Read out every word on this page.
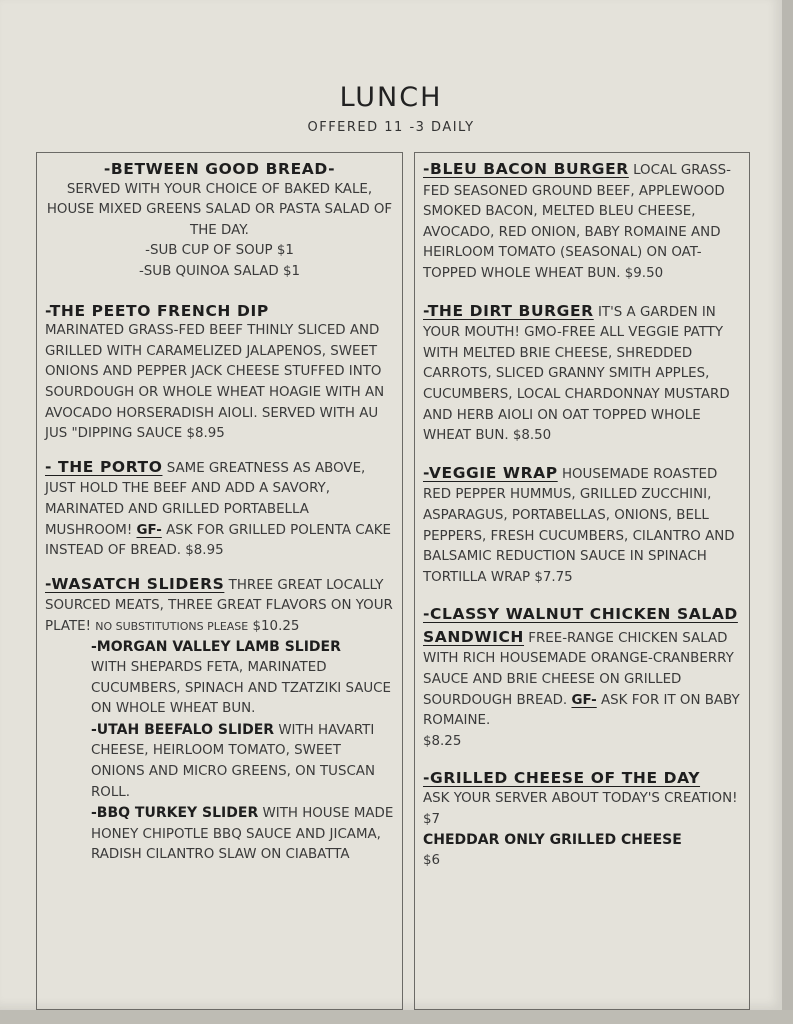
LUNCH
OFFERED 11 -3 DAILY
-BETWEEN GOOD BREAD-
SERVED WITH YOUR CHOICE OF BAKED KALE, HOUSE MIXED GREENS SALAD OR PASTA SALAD OF THE DAY.
-SUB CUP OF SOUP $1
-SUB QUINOA SALAD $1
-THE PEETO FRENCH DIP
MARINATED GRASS-FED BEEF THINLY SLICED AND GRILLED WITH CARAMELIZED JALAPENOS, SWEET ONIONS AND PEPPER JACK CHEESE STUFFED INTO SOURDOUGH OR WHOLE WHEAT HOAGIE WITH AN AVOCADO HORSERADISH AIOLI. SERVED WITH AU JUS "DIPPING SAUCE $8.95
- THE PORTO SAME GREATNESS AS ABOVE, JUST HOLD THE BEEF AND ADD A SAVORY, MARINATED AND GRILLED PORTABELLA MUSHROOM! GF- ASK FOR GRILLED POLENTA CAKE INSTEAD OF BREAD. $8.95
-WASATCH SLIDERS THREE GREAT LOCALLY SOURCED MEATS, THREE GREAT FLAVORS ON YOUR PLATE! NO SUBSTITUTIONS PLEASE $10.25
-MORGAN VALLEY LAMB SLIDER
WITH SHEPARDS FETA, MARINATED CUCUMBERS, SPINACH AND TZATZIKI SAUCE ON WHOLE WHEAT BUN.
-UTAH BEEFALO SLIDER WITH HAVARTI CHEESE, HEIRLOOM TOMATO, SWEET ONIONS AND MICRO GREENS, ON TUSCAN ROLL.
-BBQ TURKEY SLIDER WITH HOUSE MADE HONEY CHIPOTLE BBQ SAUCE AND JICAMA, RADISH CILANTRO SLAW ON CIABATTA
-BLEU BACON BURGER LOCAL GRASS-FED SEASONED GROUND BEEF, APPLEWOOD SMOKED BACON, MELTED BLEU CHEESE, AVOCADO, RED ONION, BABY ROMAINE AND HEIRLOOM TOMATO (SEASONAL) ON OAT-TOPPED WHOLE WHEAT BUN. $9.50
-THE DIRT BURGER IT'S A GARDEN IN YOUR MOUTH! GMO-FREE ALL VEGGIE PATTY WITH MELTED BRIE CHEESE, SHREDDED CARROTS, SLICED GRANNY SMITH APPLES, CUCUMBERS, LOCAL CHARDONNAY MUSTARD AND HERB AIOLI ON OAT TOPPED WHOLE WHEAT BUN. $8.50
-VEGGIE WRAP HOUSEMADE ROASTED RED PEPPER HUMMUS, GRILLED ZUCCHINI, ASPARAGUS, PORTABELLAS, ONIONS, BELL PEPPERS, FRESH CUCUMBERS, CILANTRO AND BALSAMIC REDUCTION SAUCE IN SPINACH TORTILLA WRAP $7.75
-CLASSY WALNUT CHICKEN SALAD SANDWICH FREE-RANGE CHICKEN SALAD WITH RICH HOUSEMADE ORANGE-CRANBERRY SAUCE AND BRIE CHEESE ON GRILLED SOURDOUGH BREAD. GF- ASK FOR IT ON BABY ROMAINE.
$8.25
-GRILLED CHEESE OF THE DAY
ASK YOUR SERVER ABOUT TODAY'S CREATION! $7
CHEDDAR ONLY GRILLED CHEESE
$6
